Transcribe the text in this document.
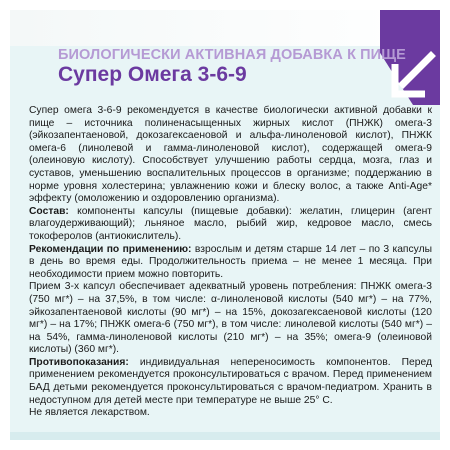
БИОЛОГИЧЕСКИ АКТИВНАЯ ДОБАВКА К ПИЩЕ
Супер Омега 3-6-9

Супер омега 3-6-9 рекомендуется в качестве биологически активной добавки к пище – источника полиненасыщенных жирных кислот (ПНЖК) омега-3 (эйкозапентаеновой, докозагексаеновой и альфа-линоленовой кислот), ПНЖК омега-6 (линолевой и гамма-линоленовой кислот), содержащей омега-9 (олеиновую кислоту). Способствует улучшению работы сердца, мозга, глаз и суставов, уменьшению воспалительных процессов в организме; поддержанию в норме уровня холестерина; увлажнению кожи и блеску волос, а также Anti-Age* эффекту (омоложению и оздоровлению организма).

Состав: компоненты капсулы (пищевые добавки): желатин, глицерин (агент влагоудерживающий); льняное масло, рыбий жир, кедровое масло, смесь токоферолов (антиокислитель).

Рекомендации по применению: взрослым и детям старше 14 лет – по 3 капсулы в день во время еды. Продолжительность приема – не менее 1 месяца. При необходимости прием можно повторить.

Прием 3-х капсул обеспечивает адекватный уровень потребления: ПНЖК омега-3 (750 мг*) – на 37,5%, в том числе: α-линоленовой кислоты (540 мг*) – на 77%, эйкозапентаеновой кислоты (90 мг*) – на 15%, докозагексаеновой кислоты (120 мг*) – на 17%; ПНЖК омега-6 (750 мг*), в том числе: линолевой кислоты (540 мг*) – на 54%, гамма-линоленовой кислоты (210 мг*) – на 35%; омега-9 (олеиновой кислоты) (360 мг*).

Противопоказания: индивидуальная непереносимость компонентов. Перед применением рекомендуется проконсультироваться с врачом. Перед применением БАД детьми рекомендуется проконсультироваться с врачом-педиатром. Хранить в недоступном для детей месте при температуре не выше 25° С.

Не является лекарством.
